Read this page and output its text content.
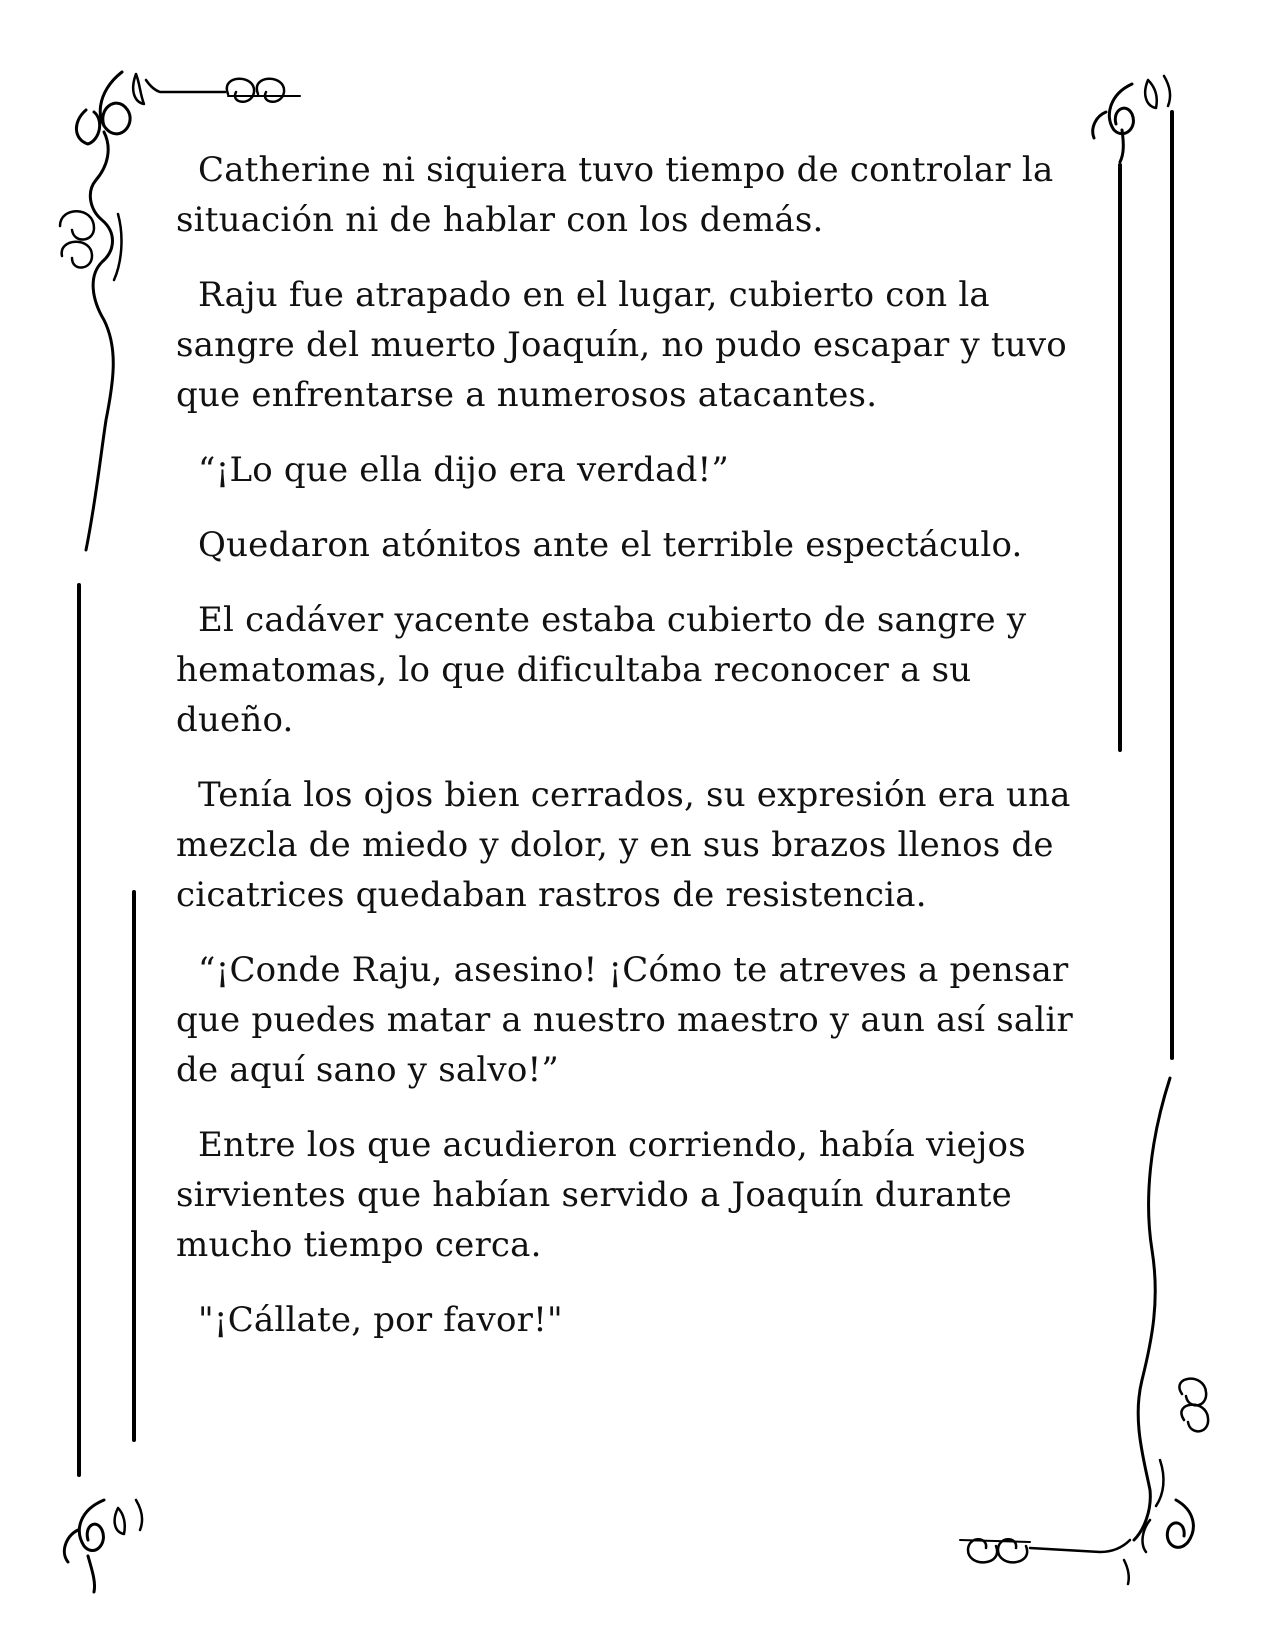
Catherine ni siquiera tuvo tiempo de controlar la situación ni de hablar con los demás.

Raju fue atrapado en el lugar, cubierto con la sangre del muerto Joaquín, no pudo escapar y tuvo que enfrentarse a numerosos atacantes.

“¡Lo que ella dijo era verdad!”

Quedaron atónitos ante el terrible espectáculo.

El cadáver yacente estaba cubierto de sangre y hematomas, lo que dificultaba reconocer a su dueño.

Tenía los ojos bien cerrados, su expresión era una mezcla de miedo y dolor, y en sus brazos llenos de cicatrices quedaban rastros de resistencia.

“¡Conde Raju, asesino! ¡Cómo te atreves a pensar que puedes matar a nuestro maestro y aun así salir de aquí sano y salvo!”

Entre los que acudieron corriendo, había viejos sirvientes que habían servido a Joaquín durante mucho tiempo cerca.

"¡Cállate, por favor!"
